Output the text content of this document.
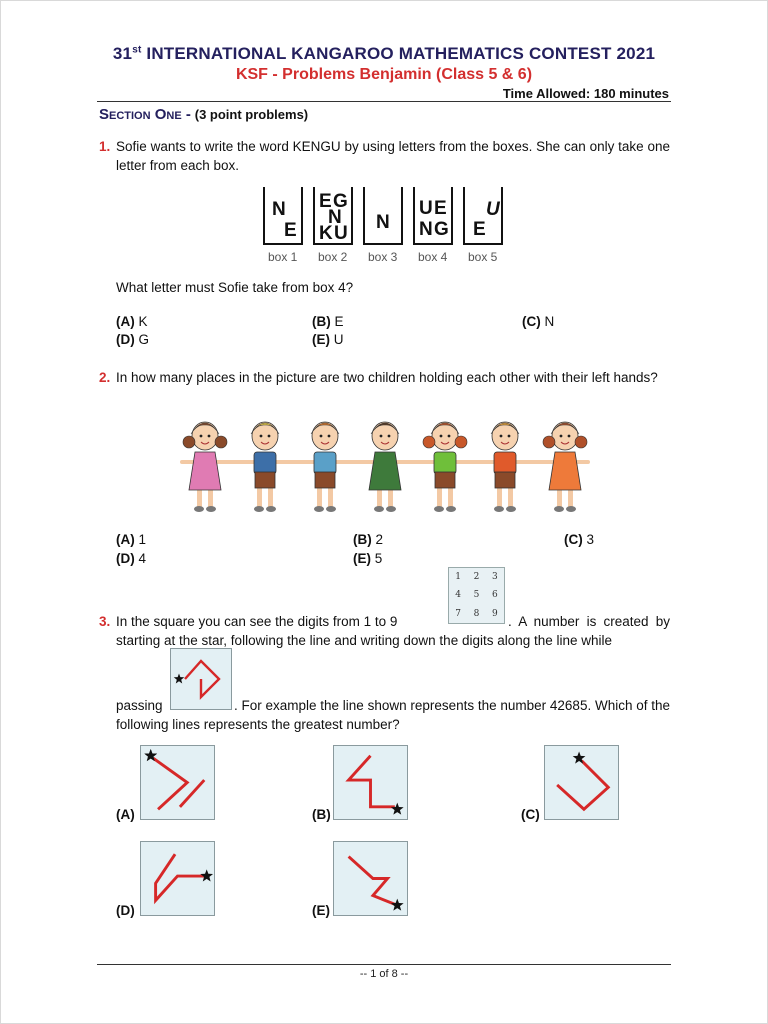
31st INTERNATIONAL KANGAROO MATHEMATICS CONTEST 2021
KSF - Problems Benjamin (Class 5 & 6)
Time Allowed: 180 minutes
Section One - (3 point problems)
1. Sofie wants to write the word KENGU by using letters from the boxes. She can only take one letter from each box.
N
E
E G
N
K U
N
U E
N G
U
E
box 1 box 2 box 3 box 4 box 5
What letter must Sofie take from box 4?
(A) K	(B) E	(C) N
(D) G	(E) U
2. In how many places in the picture are two children holding each other with their left hands?
(A) 1	(B) 2	(C) 3
(D) 4	(E) 5
3. In the square you can see the digits from 1 to 9
1	2	3
4	5	6
7	8	9
. A number is created by starting at the star, following the line and writing down the digits along the line while
passing	. For example the line shown represents the number 42685. Which of the following lines represents the greatest number?
(A)	(B)	(C)
(D)	(E)
-- 1 of 8 --
